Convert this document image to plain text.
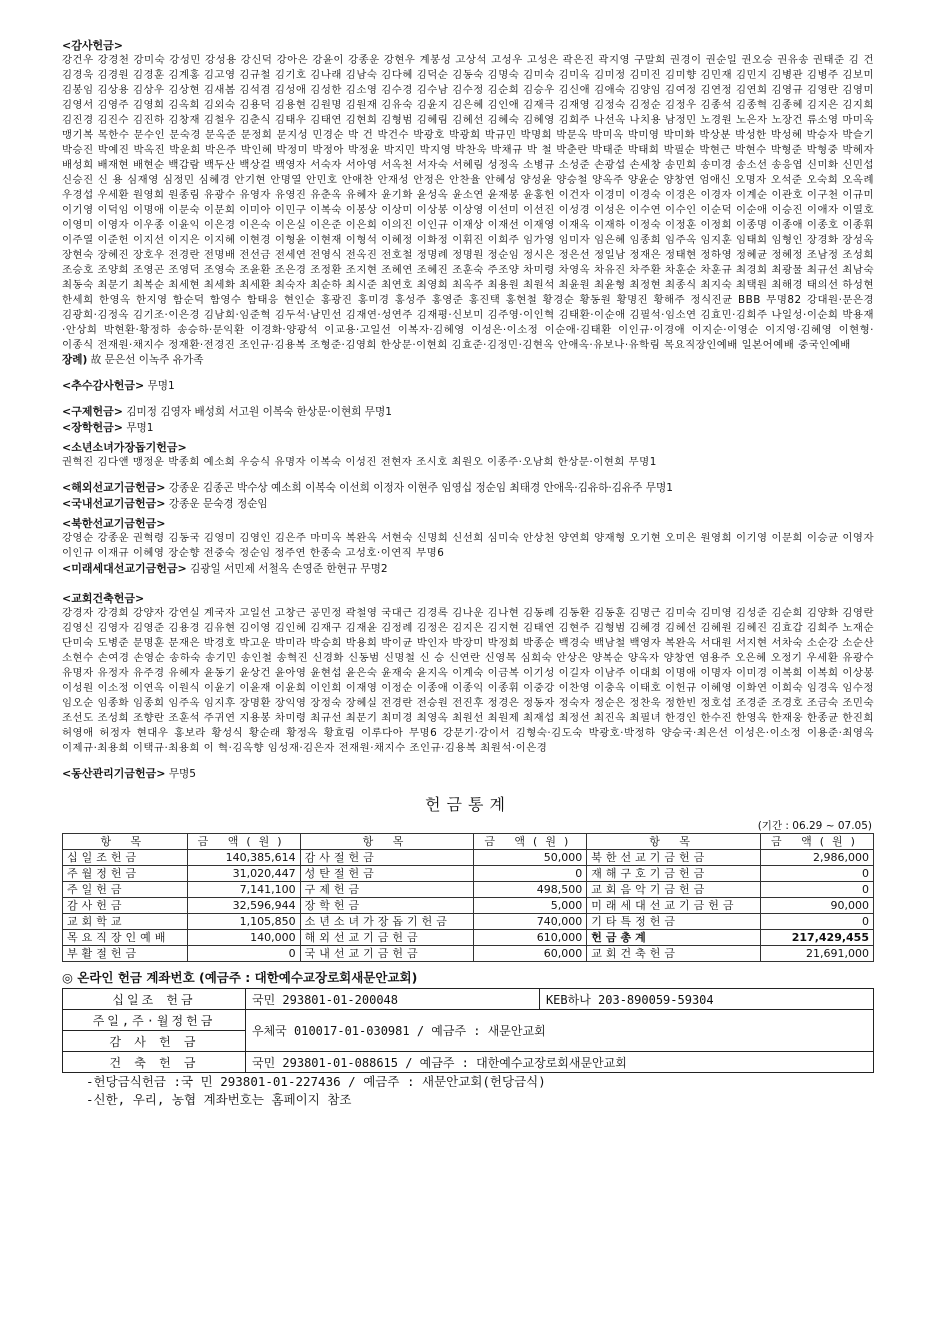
<감사헌금>
강건우 강경천 강미숙 강성민 강성용 강신덕 강아은 강윤이 강종운 강현우 계봉성 고상석 고성우 고성은 곽은진 곽지영 구말희 권경이 권순일 권오승 권유송 권태준 김 건 김경욱 김경원 김경훈 김계홍 김고영 김규철 김기호 김나래 김남숙 김다혜 김덕순 김동숙 김명숙 김미숙 김미옥 김미정 김미진 김미향 김민재 김민지 김병관 김병주 김보미 김봉임 김상용 김상우 김상현 김새봄 김석겸 김성애 김성한 김소영 김수경 김수남 김수정 김순희 김승우 김신애 김애숙 김양임 김여정 김연정 김연희 김영규 김영란 김영미 김영서 김영주 김영희 김옥희 김외숙 김용덕 김용현 김원명 김원재 김유숙 김윤지 김은혜 김인애 김재극 김재영 김정숙 김정순 김정우 김종석 김종혁 김종혜 김지은 김지희 김진경 김진수 김진하 김창재 김철우 김춘식 김태우 김태연 김현희 김형범 김혜림 김혜선 김혜숙 김혜영 김희주 나선옥 나치용 남정민 노경원 노은자 노장건 류소영 마미옥 맹기복 목한수 문수인 문숙경 문옥준 문정희 문지성 민경순 박 건 박건수 박광호 박광희 박규민 박명희 박문옥 박미옥 박미영 박미화 박상분 박성한 박성혜 박승자 박슬기 박승진 박예진 박옥진 박운희 박은주 박인혜 박정미 박정아 박정윤 박지민 박지영 박찬욱 박채규 박 철 박춘란 박태준 박태희 박필순 박현근 박현수 박형준 박형중 박혜자 배성희 배재현 배현순 백갑람 백두산 백상걸 백영자 서숙자 서아영 서옥천 서자숙 서혜림 성정옥 소병규 소성준 손광섭 손세창 송민희 송미경 송소선 송응엽 신미화 신민섭 신승진 신 용 심재영 심정민 심혜경 안기현 안명열 안민호 안애찬 안재성 안정은 안찬율 안혜성 양성윤 양승철 양옥주 양윤순 양창연 엄애신 오명자 오석준 오숙희 오옥례 우경섭 우세환 원영희 원종림 유광수 유영자 유영진 유춘옥 유혜자 윤기화 윤성옥 윤소연 윤재봉 윤홍헌 이건자 이경미 이경숙 이경은 이경자 이계순 이관호 이구천 이규미 이기영 이덕임 이명애 이문숙 이문희 이미아 이민구 이복숙 이봉상 이상미 이상봉 이상영 이선미 이선진 이성경 이성은 이수연 이수인 이순덕 이순애 이승진 이애자 이열호 이영미 이영자 이우종 이윤익 이은경 이은숙 이은실 이은준 이은희 이의진 이인규 이재상 이재선 이재영 이재옥 이재하 이정숙 이정훈 이정희 이종명 이종애 이종호 이종휘 이주열 이준헌 이지선 이지은 이지혜 이현경 이형윤 이현재 이형석 이혜정 이화정 이휘진 이희주 임가영 임미자 임은혜 임종희 임주옥 임지훈 임태희 임형인 장경화 장성옥 장현숙 장혜진 장호우 전경란 전명배 전선금 전세연 전영식 전옥진 전호철 정명례 정명원 정순임 정시은 정은선 정일남 정재은 정태현 정하영 정혜균 정혜정 조남정 조성희 조승호 조양희 조영곤 조영덕 조영숙 조윤환 조은경 조정환 조지현 조혜연 조혜진 조훈숙 주조양 차미령 차영옥 차유진 차주환 차훈순 차훈규 최경희 최광물 최규선 최남숙 최동숙 최문기 최복순 최세현 최세화 최세환 최숙자 최순하 최시준 최연호 최영희 최옥주 최용원 최원석 최윤원 최윤형 최정현 최종식 최지숙 최택원 최해경 태의선 하성현 한세희 한영옥 한지영 함순덕 함영수 함태응 현인순 홍광진 홍미경 홍성주 홍영준 홍진택 홍현철 황경순 황동원 황명진 황해주 정식진균 BBB 무명82 강대원·문은경 김광희·김정옥 김기조·이은경 김남희·임준혁 김두석·남민선 김재연·성연주 김재평·신보미 김주영·이인혁 김태환·이순애 김필석·임소연 김효민·김희주 나일성·이순희 박용재·안상희 박현환·황정하 송승하·문익환 이경화·양광석 이교용·고일선 이복자·김혜영 이성은·이소정 이순애·김태환 이인규·이경애 이지순·이영순 이지영·김혜영 이현형·이종식 전재원·채지수 정재환·전경진 조인규·김용복 조형준·김영희 한상문·이현희 김효준·김정민·김현옥 안애옥·유보나·유학림 목요직장인예배 일본어예배 중국인예배
장례) 故 문은선 이녹주 유가족
<추수감사헌금> 무명1
<구제헌금> 김미정 김영자 배성희 서고원 이복숙 한상문·이현희 무명1
<장학헌금> 무명1
<소년소녀가장돕기헌금>
권혁진 김다앤 맹정운 박종희 예소희 우승식 유명자 이복숙 이성진 전현자 조시호 최원오 이종주·오남희 한상문·이현희 무명1
<해외선교기금헌금> 강종운 김종곤 박수상 예소희 이복숙 이선희 이정자 이현주 임영십 정순임 최태경 안애옥·김유하·김유주 무명1
<국내선교기금헌금> 강종운 문숙경 정순임
<북한선교기금헌금>
강영순 강종운 권혁령 김동국 김영미 김영인 김은주 마미옥 복완옥 서현숙 신명희 신선희 심미숙 안상천 양연희 양재형 오기현 오미은 원영희 이기영 이문희 이승균 이영자 이인규 이재규 이혜영 장순향 전중숙 정순임 정주연 한종숙 고성호·이연직 무명6
<미래세대선교기금헌금> 김광일 서민제 서철옥 손영준 한현규 무명2
<교회건축헌금>
강경자 강경희 강양자 강연실 계국자 고일선 고창근 공민정 곽철영 국대근 김경록 김나운 김나현 김동례 김동환 김동훈 김명근 김미숙 김미영 김성준 김순희 김양화 김영란 김영신 김영자 김영준 김용경 김유현 김이영 김인혜 김재구 김재윤 김정례 김정은 김지은 김지현 김태연 김현주 김형범 김혜경 김혜선 김혜원 김혜진 김효갑 김희주 노재순 단미숙 도병준 문명훈 문재은 박경호 박고운 박미라 박승희 박용희 박이균 박인자 박장미 박정희 박종순 백경숙 백남철 백영자 복완옥 서대원 서지현 서차숙 소순강 소순산 소현수 손여경 손영순 송하숙 송기민 송인철 송혁진 신경화 신동범 신명철 신 승 신연란 신영목 심희숙 안상은 양복순 양옥자 양창연 염용주 오은혜 오정기 우세환 유광수 유명자 유정자 유주경 유혜자 윤동기 윤상건 윤아영 윤현섭 윤은숙 윤재숙 윤지옥 이계숙 이금복 이기성 이길자 이남주 이대희 이명애 이명자 이미경 이복희 이복희 이상봉 이성원 이소정 이연옥 이원식 이윤기 이윤재 이윤희 이인희 이재영 이정순 이종애 이종익 이종휘 이중강 이찬영 이충옥 이태호 이헌규 이혜영 이화연 이희숙 임경옥 임수정 임오순 임종화 임종희 임주옥 임지후 장명환 장익영 장정숙 장혜실 전경란 전승원 전진후 정경은 정동자 정숙자 정순은 정찬욱 정한빈 정호섭 조경준 조경호 조금숙 조민숙 조선도 조성희 조향란 조훈석 주귀연 지용봉 차미령 최규선 최문기 최미경 최영옥 최원선 최원제 최재섭 최정선 최진옥 최필녀 한경인 한수진 한영옥 한재웅 한종균 한진희 허영애 허정자 현대우 홍보라 황성식 황순래 황정옥 황효림 이루다아 무명6 강문기·강이서 김형숙·김도숙 박광호·박정하 양승국·최은선 이성은·이소정 이용준·최영옥 이제규·최용희 이택규·최용희 이 혁·김옥향 임성재·김은자 전재원·채지수 조인규·김용복 최원석·이은경
<동산관리기금헌금> 무명5
헌금통계
(기간 : 06.29 ~ 07.05)
항 목	금 액(원)	항 목	금 액(원)	항 목	금 액(원)
십일조헌금	140,385,614	감사절헌금	50,000	북한선교기금헌금	2,986,000
주월정헌금	31,020,447	성탄절헌금	0	재해구호기금헌금	0
주일헌금	7,141,100	구제헌금	498,500	교회음악기금헌금	0
감사헌금	32,596,944	장학헌금	5,000	미래세대선교기금헌금	90,000
교회학교	1,105,850	소년소녀가장돕기헌금	740,000	기타특정헌금	0
목요직장인예배	140,000	해외선교기금헌금	610,000	헌금총계	217,429,455
부활절헌금	0	국내선교기금헌금	60,000	교회건축헌금	21,691,000
◎ 온라인 헌금 계좌번호 (예금주 : 대한예수교장로회새문안교회)
십일조 헌금	국민 293801-01-200048	KEB하나 203-890059-59304
주일,주·월정헌금	우체국 010017-01-030981 / 예금주 : 새문안교회	
감 사 헌 금		
건 축 헌 금	국민 293801-01-088615 / 예금주 : 대한예수교장로회새문안교회	
-헌당금식헌금 :국 민 293801-01-227436 / 예금주 : 새문안교회(헌당금식)
-신한, 우리, 농협 계좌번호는 홈페이지 참조
